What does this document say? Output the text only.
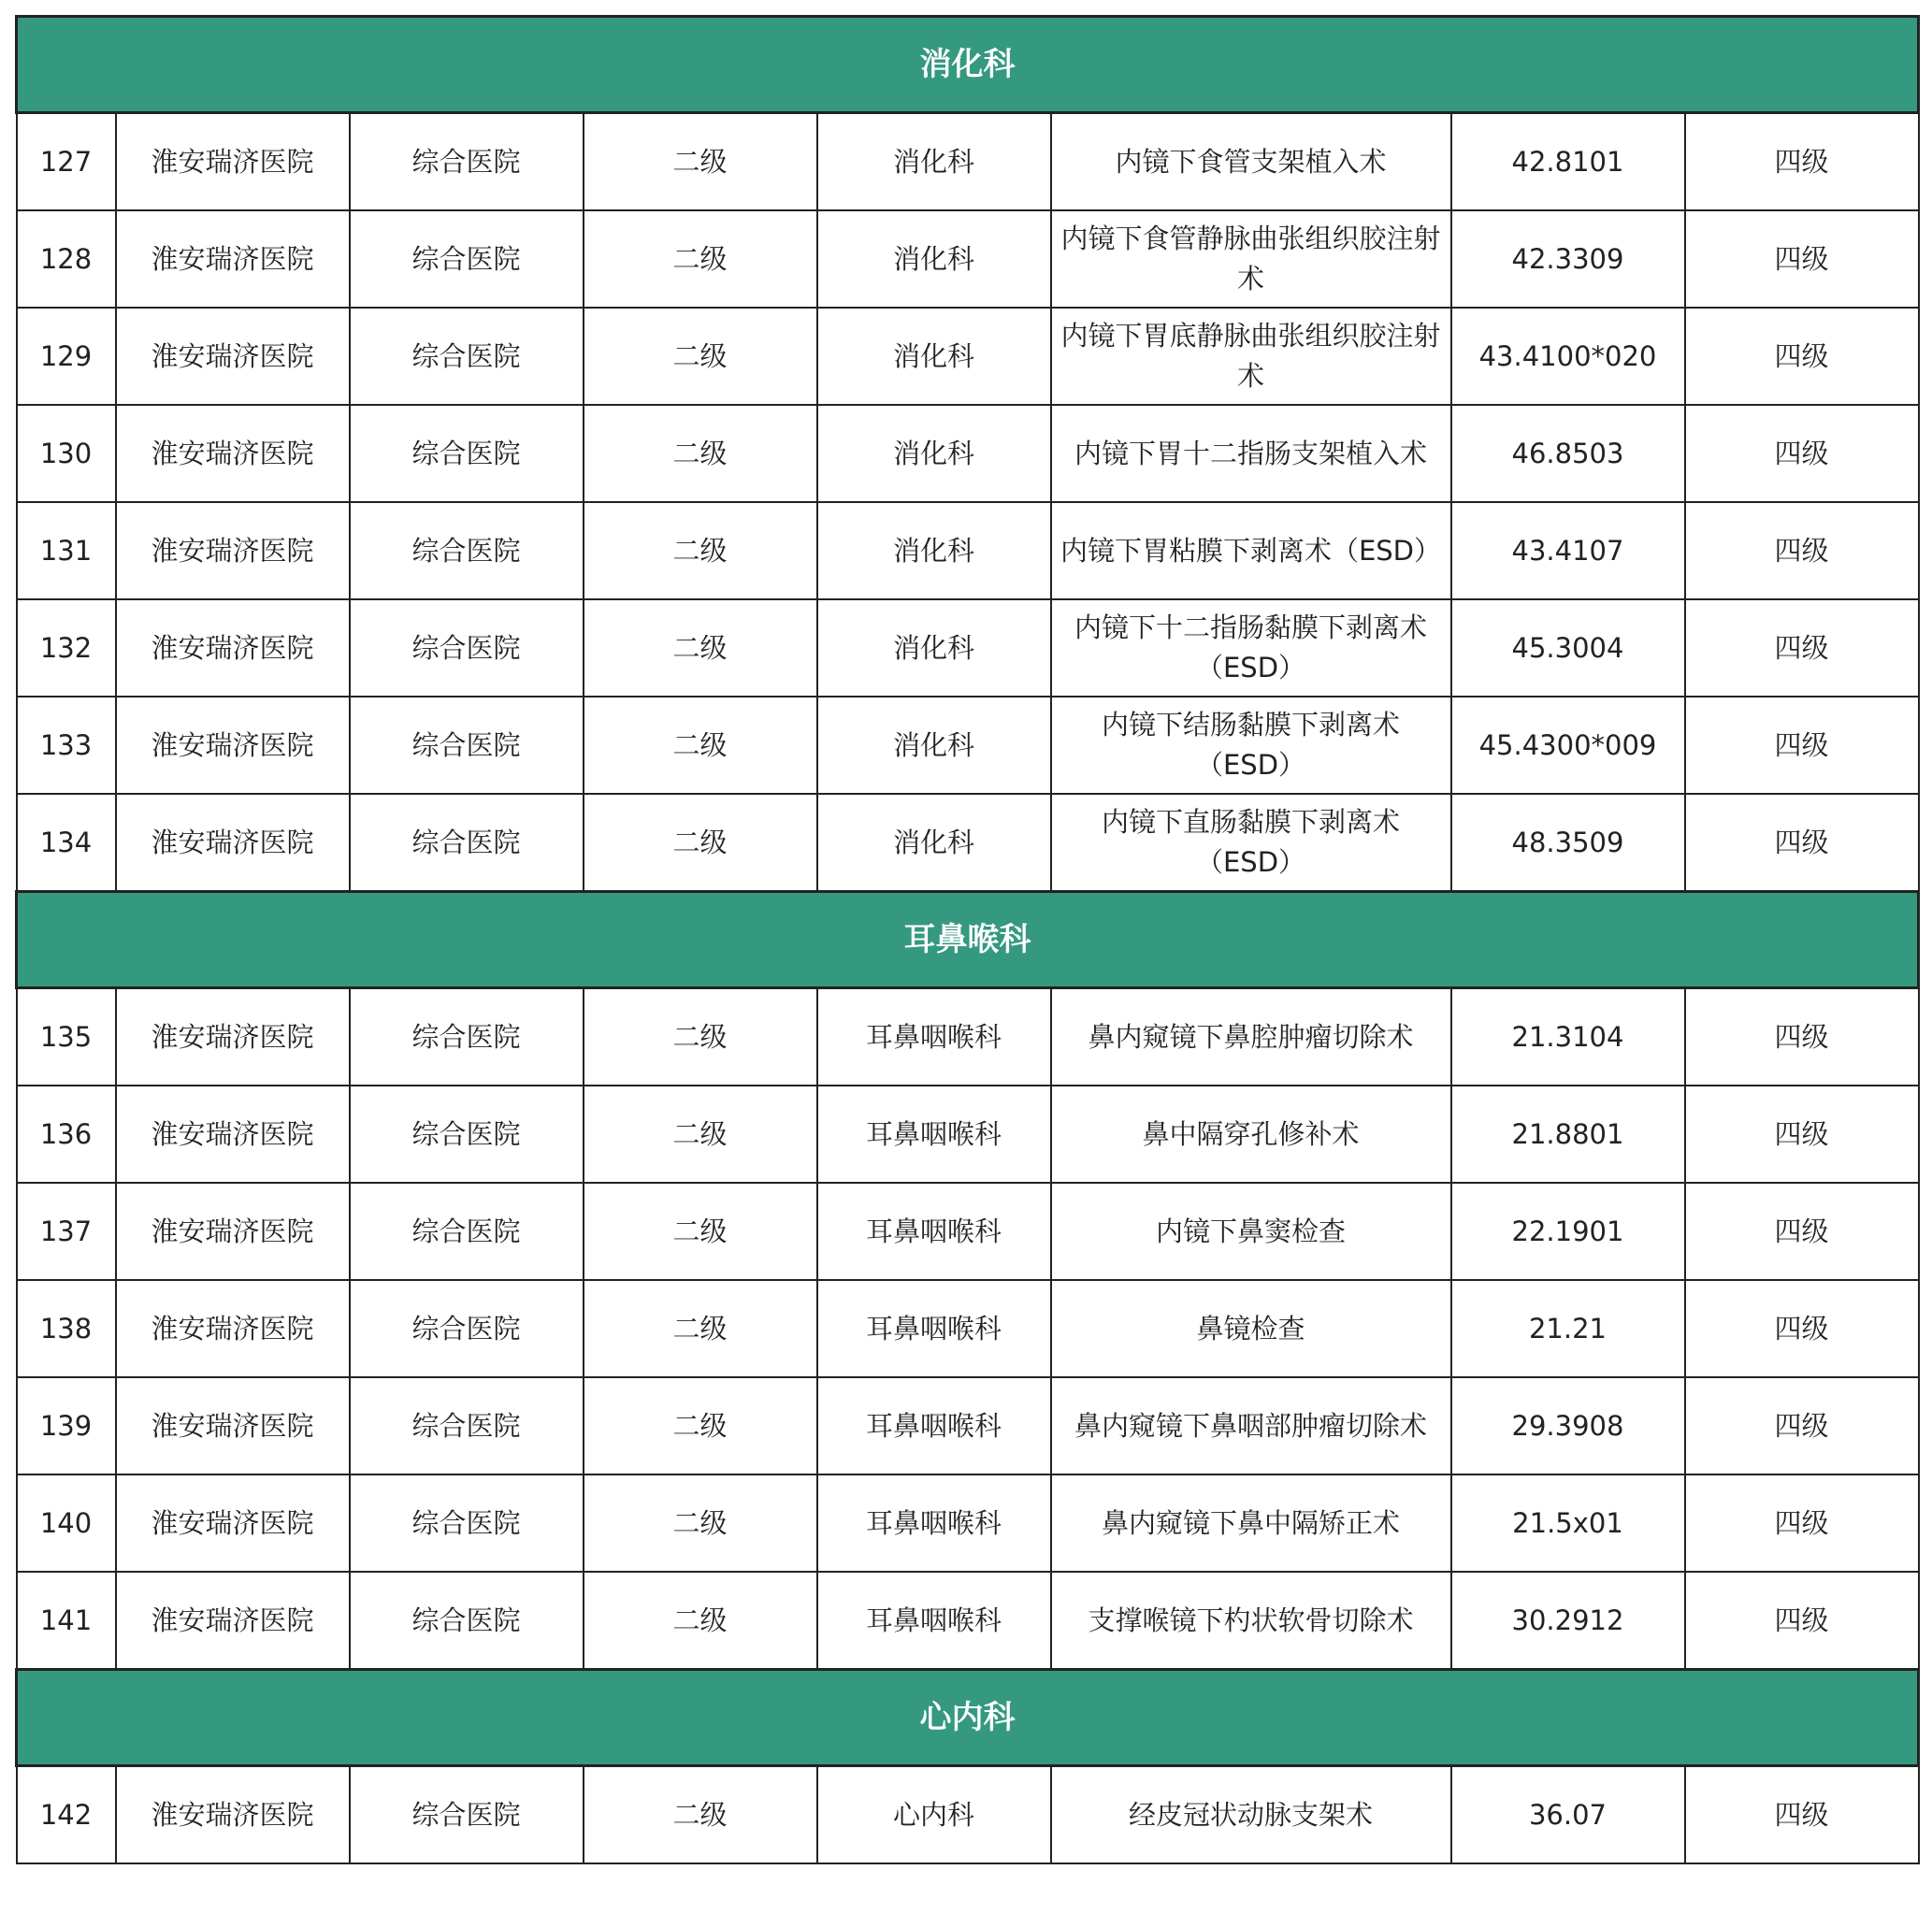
消化科							
127	淮安瑞济医院	综合医院	二级	消化科	内镜下食管支架植入术	42.8101	四级
128	淮安瑞济医院	综合医院	二级	消化科	内镜下食管静脉曲张组织胶注射术	42.3309	四级
129	淮安瑞济医院	综合医院	二级	消化科	内镜下胃底静脉曲张组织胶注射术	43.4100*020	四级
130	淮安瑞济医院	综合医院	二级	消化科	内镜下胃十二指肠支架植入术	46.8503	四级
131	淮安瑞济医院	综合医院	二级	消化科	内镜下胃粘膜下剥离术（ESD）	43.4107	四级
132	淮安瑞济医院	综合医院	二级	消化科	内镜下十二指肠黏膜下剥离术（ESD）	45.3004	四级
133	淮安瑞济医院	综合医院	二级	消化科	内镜下结肠黏膜下剥离术（ESD）	45.4300*009	四级
134	淮安瑞济医院	综合医院	二级	消化科	内镜下直肠黏膜下剥离术（ESD）	48.3509	四级
耳鼻喉科							
135	淮安瑞济医院	综合医院	二级	耳鼻咽喉科	鼻内窥镜下鼻腔肿瘤切除术	21.3104	四级
136	淮安瑞济医院	综合医院	二级	耳鼻咽喉科	鼻中隔穿孔修补术	21.8801	四级
137	淮安瑞济医院	综合医院	二级	耳鼻咽喉科	内镜下鼻窦检查	22.1901	四级
138	淮安瑞济医院	综合医院	二级	耳鼻咽喉科	鼻镜检查	21.21	四级
139	淮安瑞济医院	综合医院	二级	耳鼻咽喉科	鼻内窥镜下鼻咽部肿瘤切除术	29.3908	四级
140	淮安瑞济医院	综合医院	二级	耳鼻咽喉科	鼻内窥镜下鼻中隔矫正术	21.5x01	四级
141	淮安瑞济医院	综合医院	二级	耳鼻咽喉科	支撑喉镜下杓状软骨切除术	30.2912	四级
心内科							
142	淮安瑞济医院	综合医院	二级	心内科	经皮冠状动脉支架术	36.07	四级
